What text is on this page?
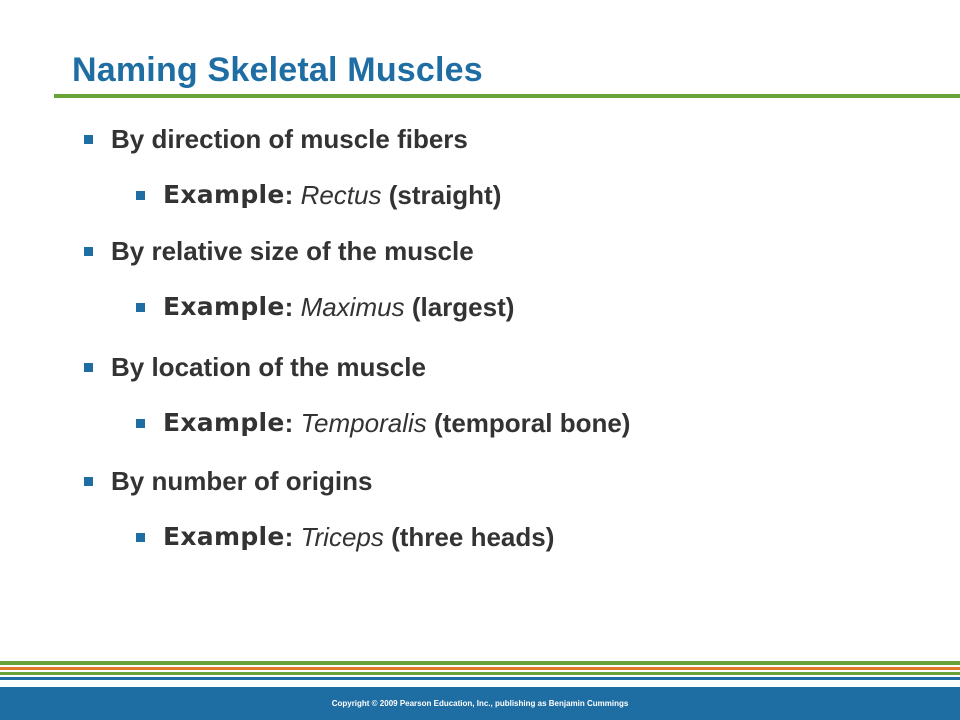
Naming Skeletal Muscles
By direction of muscle fibers
Example :
Rectus
(straight)
By relative size of the muscle
Example :
Maximus
(largest)
By location of the muscle
Example :
Temporalis
(temporal bone)
By number of origins
Example :
Triceps
(three heads)
Copyright © 2009 Pearson Education, Inc., publishing as Benjamin Cummings
